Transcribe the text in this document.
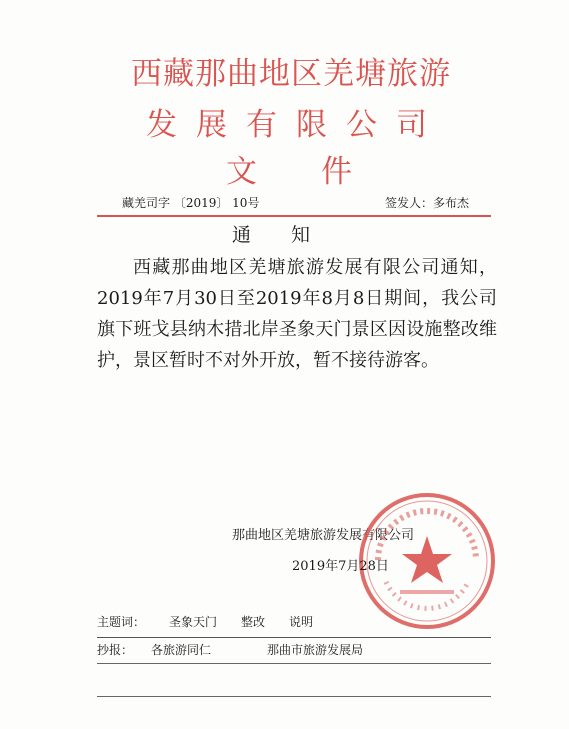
西藏那曲地区羌塘旅游
发展有限公司
文件
藏羌司字 〔2019〕 10号	签发人：多布杰
通知
西藏那曲地区羌塘旅游发展有限公司通知，2019年7月30日至2019年8月8日期间，我公司旗下班戈县纳木措北岸圣象天门景区因设施整改维护，景区暂时不对外开放，暂不接待游客。
那曲地区羌塘旅游发展有限公司
2019年7月28日
主题词： 圣象天门 整改 说明
抄报： 各旅游同仁	那曲市旅游发展局
